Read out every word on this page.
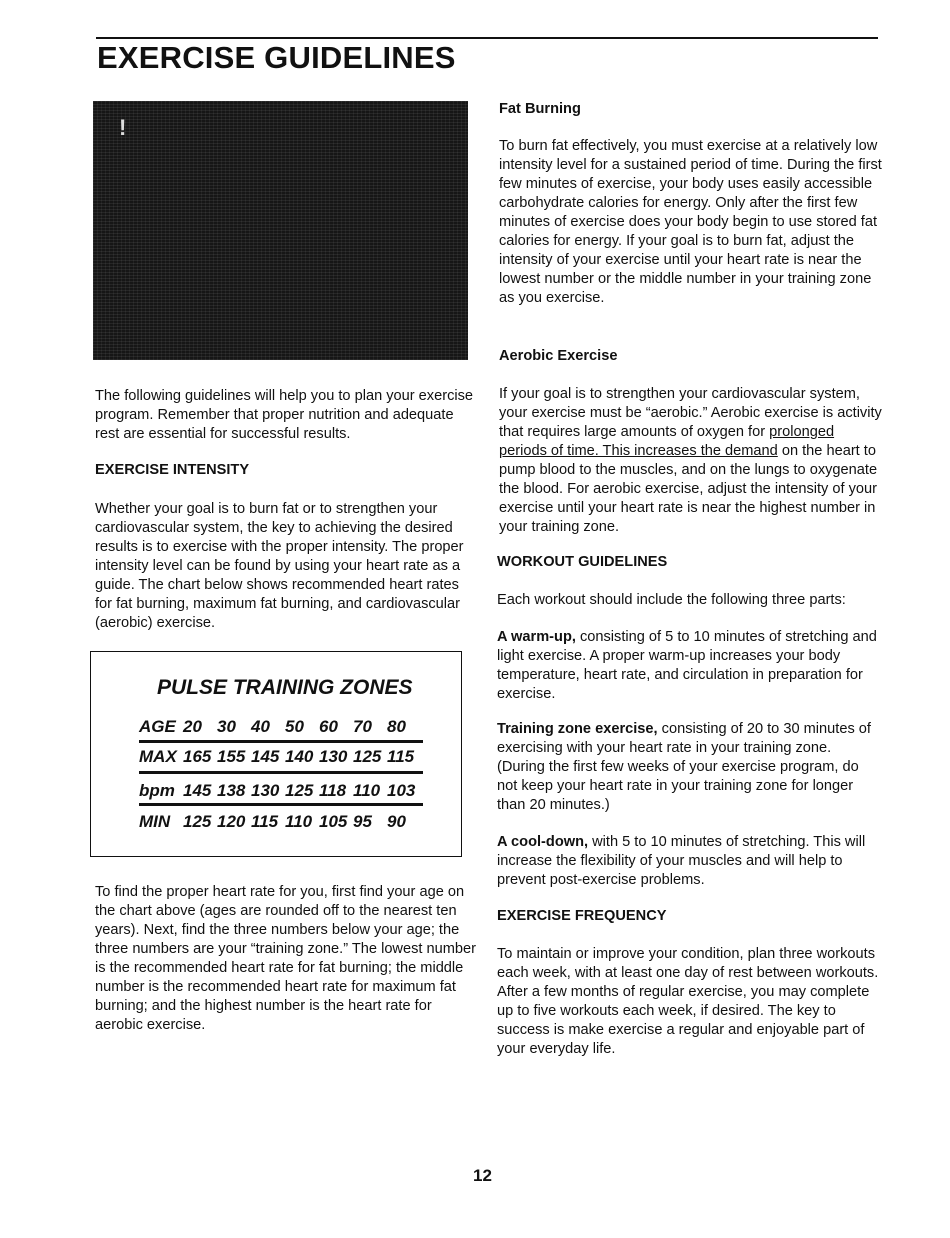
EXERCISE GUIDELINES
!

The following guidelines will help you to plan your exercise program. Remember that proper nutrition and adequate rest are essential for successful results.

EXERCISE INTENSITY

Whether your goal is to burn fat or to strengthen your cardiovascular system, the key to achieving the desired results is to exercise with the proper intensity. The proper intensity level can be found by using your heart rate as a guide. The chart below shows recommended heart rates for fat burning, maximum fat burning, and cardiovascular (aerobic) exercise.

PULSE TRAINING ZONES
AGE 20 30 40 50 60 70 80
MAX 165 155 145 140 130 125 115
bpm 145 138 130 125 118 110 103
MIN 125 120 115 110 105 95 90

To find the proper heart rate for you, first find your age on the chart above (ages are rounded off to the nearest ten years). Next, find the three numbers below your age; the three numbers are your “training zone.” The lowest number is the recommended heart rate for fat burning; the middle number is the recommended heart rate for maximum fat burning; and the highest number is the heart rate for aerobic exercise.

Fat Burning

To burn fat effectively, you must exercise at a relatively low intensity level for a sustained period of time. During the first few minutes of exercise, your body uses easily accessible carbohydrate calories for energy. Only after the first few minutes of exercise does your body begin to use stored fat calories for energy. If your goal is to burn fat, adjust the intensity of your exercise until your heart rate is near the lowest number or the middle number in your training zone as you exercise.

Aerobic Exercise

If your goal is to strengthen your cardiovascular system, your exercise must be “aerobic.” Aerobic exercise is activity that requires large amounts of oxygen for prolonged periods of time. This increases the demand on the heart to pump blood to the muscles, and on the lungs to oxygenate the blood. For aerobic exercise, adjust the intensity of your exercise until your heart rate is near the highest number in your training zone.

WORKOUT GUIDELINES

Each workout should include the following three parts:

A warm-up, consisting of 5 to 10 minutes of stretching and light exercise. A proper warm-up increases your body temperature, heart rate, and circulation in preparation for exercise.

Training zone exercise, consisting of 20 to 30 minutes of exercising with your heart rate in your training zone. (During the first few weeks of your exercise program, do not keep your heart rate in your training zone for longer than 20 minutes.)

A cool-down, with 5 to 10 minutes of stretching. This will increase the flexibility of your muscles and will help to prevent post-exercise problems.

EXERCISE FREQUENCY

To maintain or improve your condition, plan three workouts each week, with at least one day of rest between workouts. After a few months of regular exercise, you may complete up to five workouts each week, if desired. The key to success is make exercise a regular and enjoyable part of your everyday life.

12
